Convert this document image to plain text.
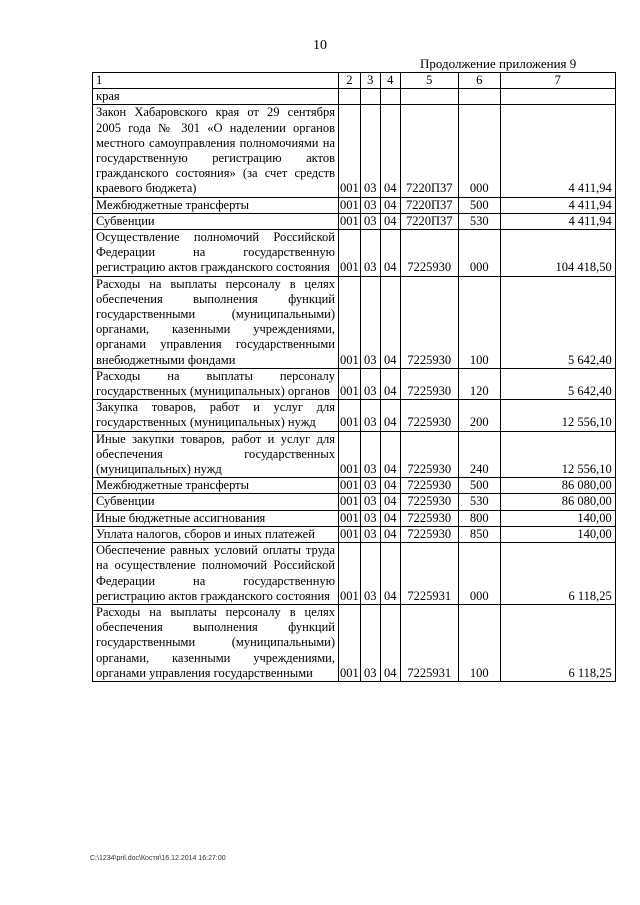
10
Продолжение приложения 9
1	2	3	4	5	6	7
края						
Закон Хабаровского края от 29 сентября 2005 года № 301 «О наделении органов местного самоуправления полномочиями на государственную регистрацию актов гражданского состояния» (за счет средств краевого бюджета)	001	03	04	7220П37	000	4 411,94
Межбюджетные трансферты	001	03	04	7220П37	500	4 411,94
Субвенции	001	03	04	7220П37	530	4 411,94
Осуществление полномочий Российской Федерации на государственную регистрацию актов гражданского состояния	001	03	04	7225930	000	104 418,50
Расходы на выплаты персоналу в целях обеспечения выполнения функций государственными (муниципальными) органами, казенными учреждениями, органами управления государственными внебюджетными фондами	001	03	04	7225930	100	5 642,40
Расходы на выплаты персоналу государственных (муниципальных) органов	001	03	04	7225930	120	5 642,40
Закупка товаров, работ и услуг для государственных (муниципальных) нужд	001	03	04	7225930	200	12 556,10
Иные закупки товаров, работ и услуг для обеспечения государственных (муниципальных) нужд	001	03	04	7225930	240	12 556,10
Межбюджетные трансферты	001	03	04	7225930	500	86 080,00
Субвенции	001	03	04	7225930	530	86 080,00
Иные бюджетные ассигнования	001	03	04	7225930	800	140,00
Уплата налогов, сборов и иных платежей	001	03	04	7225930	850	140,00
Обеспечение равных условий оплаты труда на осуществление полномочий Российской Федерации на государственную регистрацию актов гражданского состояния	001	03	04	7225931	000	6 118,25
Расходы на выплаты персоналу в целях обеспечения выполнения функций государственными (муниципальными) органами, казенными учреждениями, органами управления государственными	001	03	04	7225931	100	6 118,25
C:\1234\pril.doc\Костя\16.12.2014 16:27:00
